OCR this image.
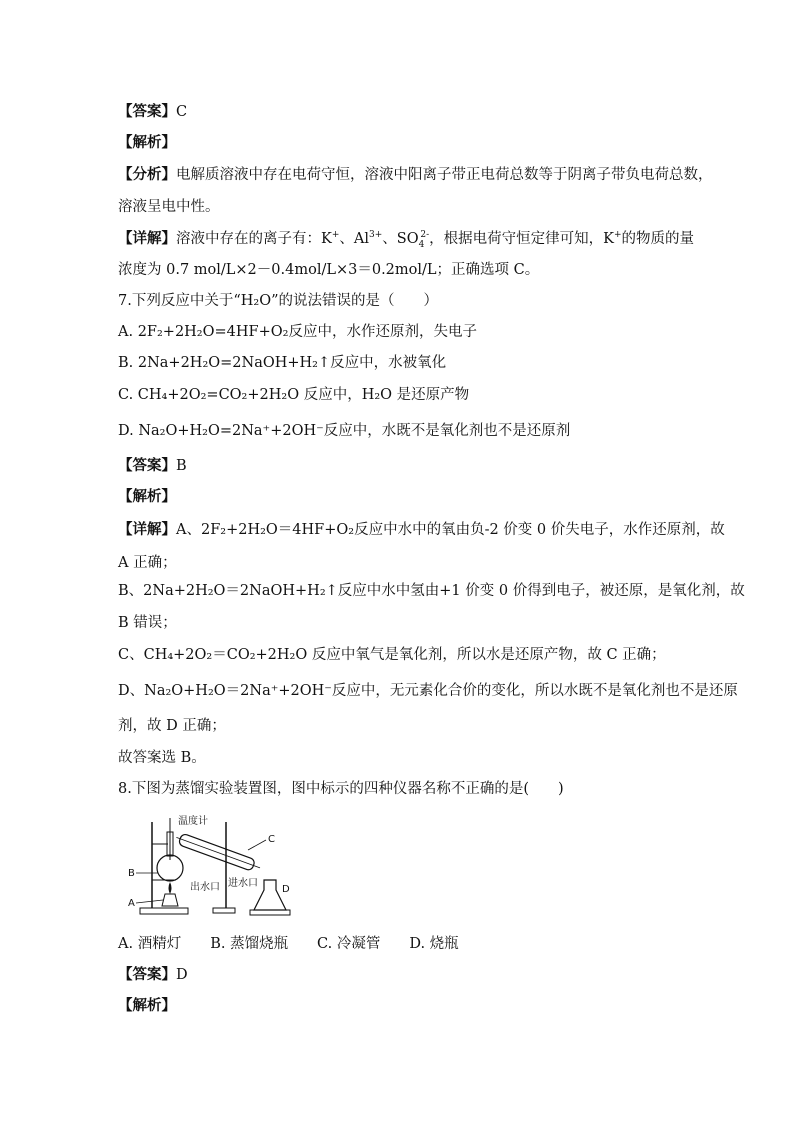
【答案】C
【解析】
【分析】电解质溶液中存在电荷守恒，溶液中阳离子带正电荷总数等于阴离子带负电荷总数，
溶液呈电中性。
【详解】溶液中存在的离子有：K+、$Al^{3+}$、$SO_4^{2-}$，根据电荷守恒定律可知，K+的物质的量
浓度为 0.7 mol/L×2－0.4mol/L×3＝0.2mol/L；正确选项 C。
7.下列反应中关于“H₂O”的说法错误的是（　　）
A. 2F₂+2H₂O=4HF+O₂反应中，水作还原剂，失电子
B. 2Na+2H₂O=2NaOH+H₂↑反应中，水被氧化
C. CH₄+2O₂=CO₂+2H₂O 反应中，H₂O 是还原产物
D. Na₂O+H₂O=2Na⁺+2OH⁻反应中，水既不是氧化剂也不是还原剂
【答案】B
【解析】
【详解】A、2F₂+2H₂O＝4HF+O₂反应中水中的氧由负-2 价变 0 价失电子，水作还原剂，故
A 正确；
B、2Na+2H₂O＝2NaOH+H₂↑反应中水中氢由+1 价变 0 价得到电子，被还原，是氧化剂，故
B 错误；
C、CH₄+2O₂＝CO₂+2H₂O 反应中氧气是氧化剂，所以水是还原产物，故 C 正确；
D、Na₂O+H₂O＝2Na⁺+2OH⁻反应中，无元素化合价的变化，所以水既不是氧化剂也不是还原
剂，故 D 正确；
故答案选 B。
8.下图为蒸馏实验装置图，图中标示的四种仪器名称不正确的是(　　)
温度计
B
A
C
出水口 进水口
D
A. 酒精灯　　B. 蒸馏烧瓶　　C. 冷凝管　　D. 烧瓶
【答案】D
【解析】
